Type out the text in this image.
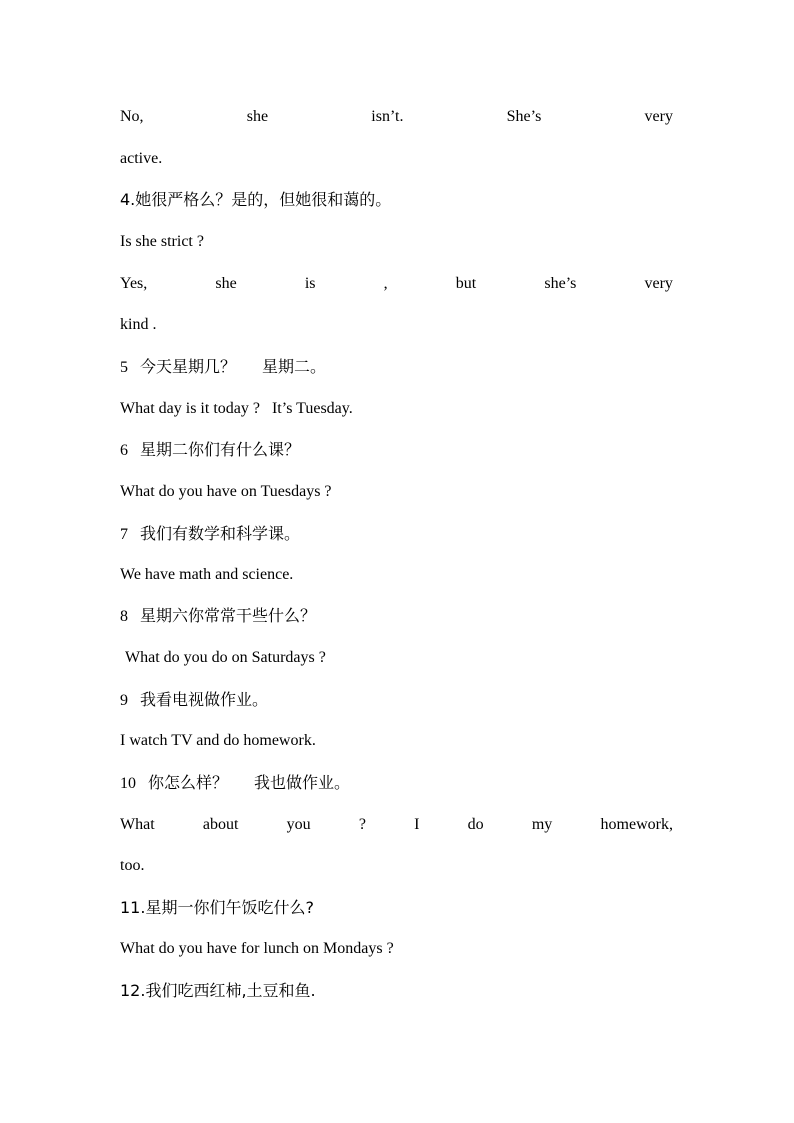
No,	she	isn’t.	She’s	very
active.
4.她很严格么？是的，但她很和蔼的。
Is she strict ?
Yes,	she	is	,	but	she’s	very
kind .
5 今天星期几？ 星期二。
What day is it today ? It’s Tuesday.
6 星期二你们有什么课？
What do you have on Tuesdays ?
7 我们有数学和科学课。
We have math and science.
8 星期六你常常干些什么？
What do you do on Saturdays ?
9 我看电视做作业。
I watch TV and do homework.
10 你怎么样？ 我也做作业。
What	about	you	?	I	do	my	homework,
too.
11.星期一你们午饭吃什么?
What do you have for lunch on Mondays ?
12.我们吃西红柿,土豆和鱼.
